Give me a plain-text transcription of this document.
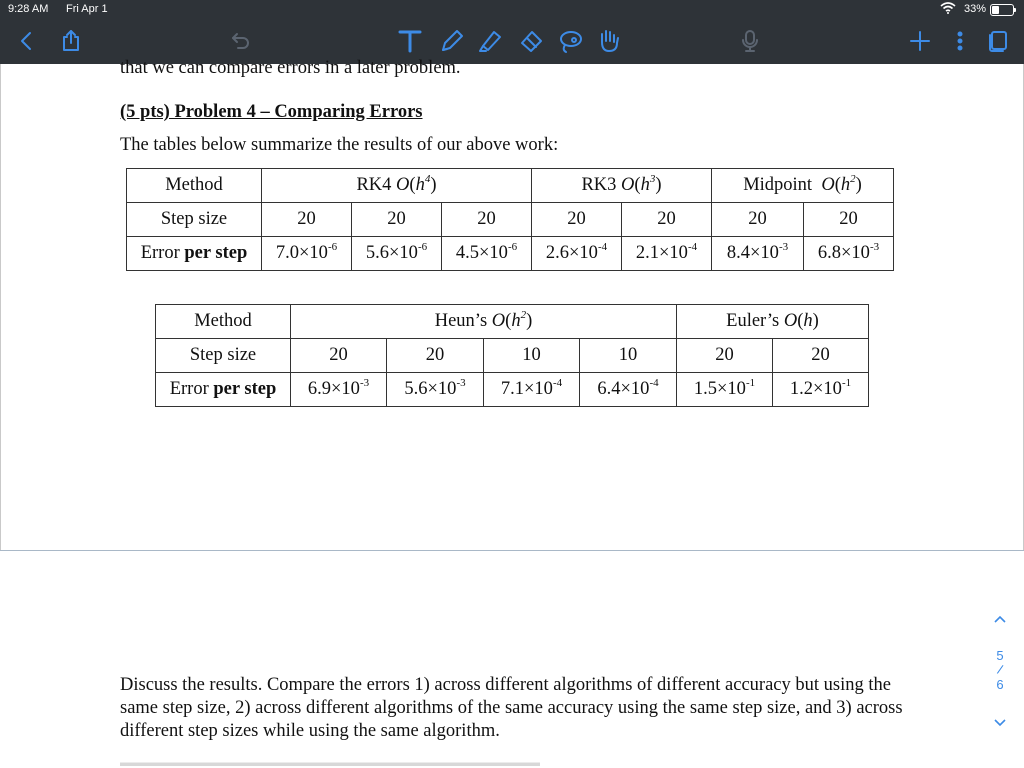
9:28 AM Fri Apr 1	33%
that we can compare errors in a later problem.
(5 pts) Problem 4 – Comparing Errors
The tables below summarize the results of our above work:
Method	RK4 $O(h^4)$			RK3 $O(h^3)$		Midpoint  $O(h^2)$	
Step size	20	20	20	20	20	20	20
Error per step	$7.0\times 10^{-6}$	$5.6\times 10^{-6}$	$4.5\times 10^{-6}$	$2.6\times 10^{-4}$	$2.1\times 10^{-4}$	$8.4\times 10^{-3}$	$6.8\times 10^{-3}$
Method	Heun’s $O(h^2)$				Euler’s O(h)	
Step size	20	20	10	10	20	20
Error per step	$6.9\times 10^{-3}$	$5.6\times 10^{-3}$	$7.1\times 10^{-4}$	$6.4\times 10^{-4}$	$1.5\times 10^{-1}$	$1.2\times 10^{-1}$
Discuss the results. Compare the errors 1) across different algorithms of different accuracy but using the same step size, 2) across different algorithms of the same accuracy using the same step size, and 3) across different step sizes while using the same algorithm.
5
/
6
